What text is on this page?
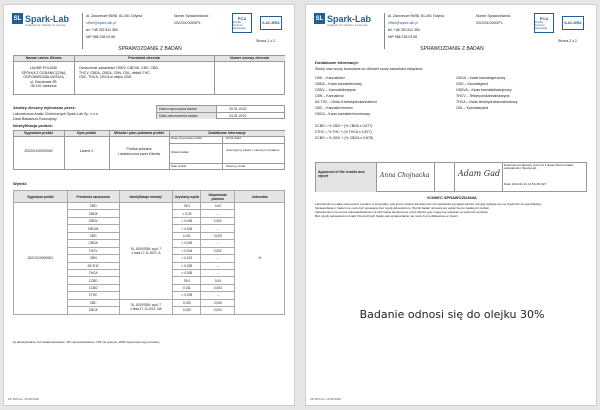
SL Spark-Lab
Analysis for industry & science
Al. Zaorzecze 96/98, 81-451 Gdynia
office@spark-lab.pl
tel. +48 782 811 350
NIP 586 238 03 65
Numer Sprawozdania:
2022/01/0020/PL
PCA
Polskie Centrum Akredytacji
ILAC-MRA
Strona 1 z 2
SPRAWOZDANIE Z BADAŃ
Nazwa i adres Klienta	Przedmiot zlecenia	Numer umowy zlecenia
LAUME POLAND
SPÓŁKA Z OGRANICZONĄ
ODPOWIEDZIALNOŚCIĄ
ul. Dworkowa 2B
05-110 Jabłonna
Oznaczenie zawartości CBDV, CBDVA, CBG, CBD,
THCV, CBDA, CBGA, CBN, CBL, delta9-THC,
CBC, THCA, CBCA w olejku CBD
Analizy zlecony wykonane przez:
Laboratorium Analiz Chemicznych Spark-Lab Sp. z o.o.
Dział Badawczo-Rozwojowy
Data rozpoczęcia badań	20.01.2022
Data zakończenia badań	24.01.2022
Identyfikacja próbek:
Sygnatura próbki	Opis próbki	Metoda i plan pobrania próbki	Dodatkowe informacje
2022/01/0003/002	Laume 2	Próbka pobrana
i dostarczona przez Klienta
Data otrzymania próbki	20.01.2022
Obiekt badań	Ilość płynny zawór z ciemnym oczadem
Stan próbki	Obecny oczad
Wyniki:
Sygnatura próbki	Przedmiot oznaczenia	Identyfikacja metody*	Uzyskany wynik	Niepewność pomiaru	Jednostka
2021/11/0005/001	CBD	SL.0019/03M, wyd. 7
z dnia 17.11.2021, A	39,0	0,04	%
	CBDA		< 0,25	--	
	CBDV		< 0,006	0,002	
	CBDVA		< 0,005	--	
	CBG		0,011	0,003	
	CBGA		< 0,005	--	
	THCV		< 0,004	0,002	
	CBN		< 0,013	--	
	Δ9-THC		< 0,005	--	
	THCA		< 0,005	--	
	ΣCBD		39,0	0,04	
	ΣCBG		0,011	0,003	
	ΣTHC		< 0,005	--	
	CBC	SL.0019/03M, wyd. 7
z dnia 17.11.2021, NA	0,020	0,005	
	CBCA		0,020	0,004	
A) akredytowane, NA nieakredytowane, NP nieprzedstawione, NW nie wykryto, WRP wykonanie wg procedury
ZP 305 del. 19.08.2020
SL Spark-Lab
Analysis for industry & science
Al. Zaorzecze 96/98, 81-451 Gdynia
office@spark-lab.pl
tel. +48 782 811 350
NIP 586 238 03 65
Numer Sprawozdania:
2022/01/0020/PL
PCA
Polskie Centrum Akredytacji
ILAC-MRA
Strona 2 z 2
SPRAWOZDANIE Z BADAŃ
Dodatkowe Informacje:
Skróty oraz wzory stosowane do obliczeń sumy zawartości związków:
CBD – Kannabidiol
CBDA – Kwas kannabidiolowy
CBDV – Kannabidiwaryna
CBN – Kannabinol
Δ9-THC – Delta-9-tetrahydrokannabinol
CBC – Kannabichromen
CBCA – Kwas kannabichromenowy
CBGA – Kwas kannabigerolowy
CBG – Kannabigerol
CBDVA – Kwas kannabidiwarynowy
THCV – Tetrahydrokannabiwaryna
THCA – Kwas tetrahydrokannabinolowy
CBL – Kannabicyklol
ΣCBD = % CBD + (% CBDA x 0,877)
ΣTHC = % THC + (% THCA x 0,877)
ΣCBG = % CBG + (% CBGA x 0,878)
Approved of the results and report	Anna Chojnacka	Adam Gad
Dokument podpisany przez Dr Łukasz Marcin Gadzi, Laboratorium Spark-Lab
Data: 2022.01.24 14:51:48 CET
KONIEC SPRAWOZDANIA
Laboratorium podaje niepewność pomiaru w przypadku, gdy jest to istotne dla ważności lub spełniania wymagań klienta, lub gdy wpływa ona na zgodność ze specyfikacją.
Sprawozdanie z badań nie może być powielane bez zgody laboratorium. Wyniki badań odnoszą się wyłącznie do badanych próbek.
Laboratorium nie ponosi odpowiedzialności za informacje dostarczone przez klienta, gdy mogą one wpływać na ważność wyników.
Bez zgody Laboratorium Analiz Chemicznych Spark-Lab sprawozdanie nie może być publikowane w części.
Badanie odnosi się do olejku 30%
ZP 305 del. 19.08.2020
